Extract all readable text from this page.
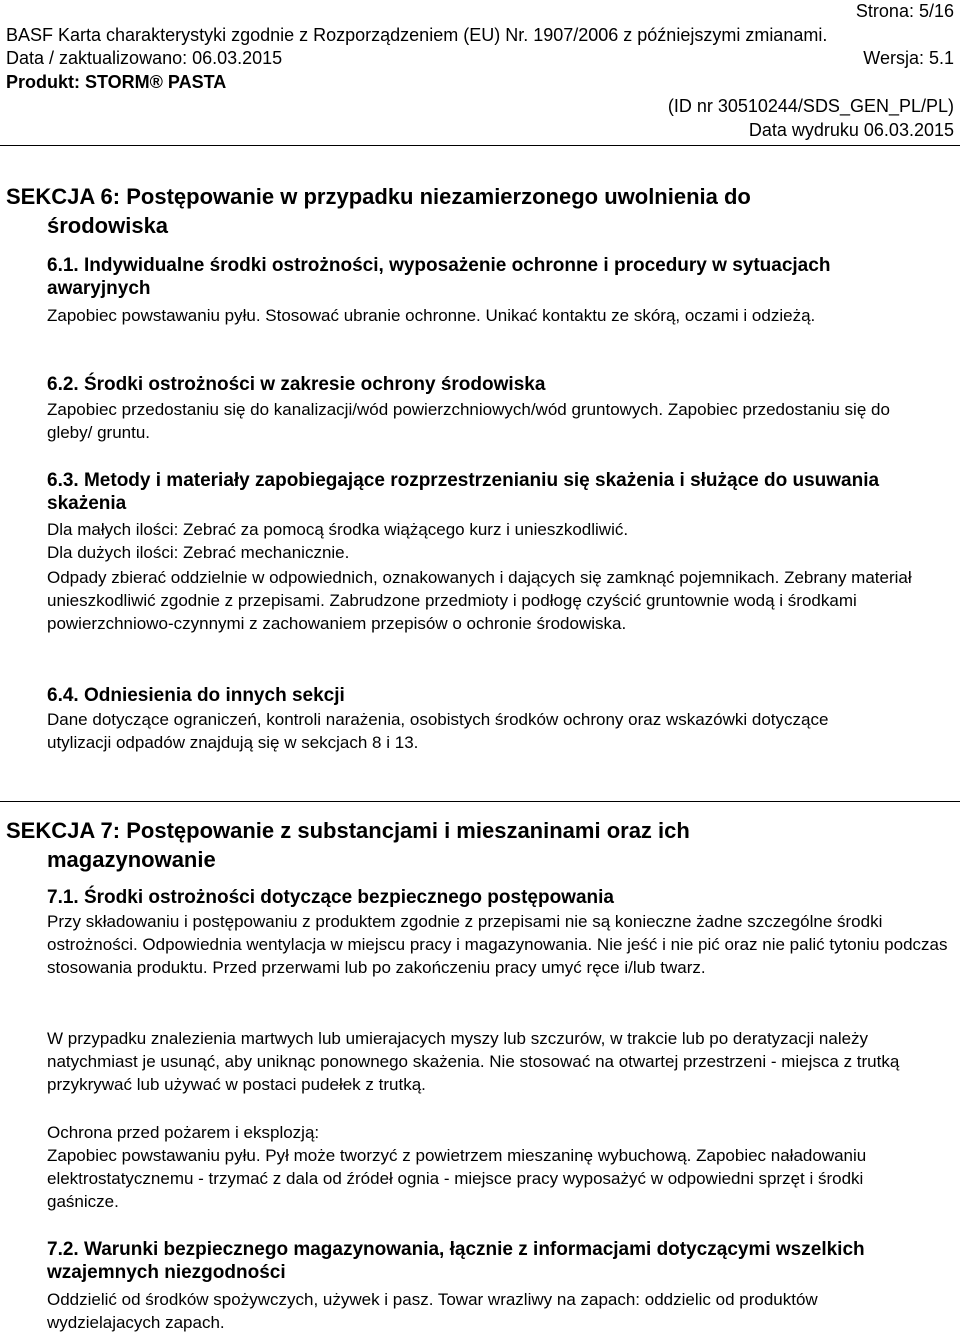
Strona: 5/16
BASF Karta charakterystyki zgodnie z Rozporządzeniem (EU) Nr. 1907/2006 z późniejszymi zmianami.
Data / zaktualizowano: 06.03.2015	Wersja: 5.1
Produkt: STORM® PASTA
(ID nr 30510244/SDS_GEN_PL/PL)
Data wydruku 06.03.2015
SEKCJA 6: Postępowanie w przypadku niezamierzonego uwolnienia do
środowiska
6.1. Indywidualne środki ostrożności, wyposażenie ochronne i procedury w sytuacjach awaryjnych
Zapobiec powstawaniu pyłu. Stosować ubranie ochronne. Unikać kontaktu ze skórą, oczami i odzieżą.
6.2. Środki ostrożności w zakresie ochrony środowiska
Zapobiec przedostaniu się do kanalizacji/wód powierzchniowych/wód gruntowych. Zapobiec przedostaniu się do gleby/ gruntu.
6.3. Metody i materiały zapobiegające rozprzestrzenianiu się skażenia i służące do usuwania skażenia
Dla małych ilości: Zebrać za pomocą środka wiążącego kurz i unieszkodliwić.
Dla dużych ilości: Zebrać mechanicznie.
Odpady zbierać oddzielnie w odpowiednich, oznakowanych i dających się zamknąć pojemnikach. Zebrany materiał unieszkodliwić zgodnie z przepisami. Zabrudzone przedmioty i podłogę czyścić gruntownie wodą i środkami powierzchniowo-czynnymi z zachowaniem przepisów o ochronie środowiska.
6.4. Odniesienia do innych sekcji
Dane dotyczące ograniczeń, kontroli narażenia, osobistych środków ochrony oraz wskazówki dotyczące utylizacji odpadów znajdują się w sekcjach 8 i 13.
SEKCJA 7: Postępowanie z substancjami i mieszaninami oraz ich
magazynowanie
7.1. Środki ostrożności dotyczące bezpiecznego postępowania
Przy składowaniu i postępowaniu z produktem zgodnie z przepisami nie są konieczne żadne szczególne środki ostrożności. Odpowiednia wentylacja w miejscu pracy i magazynowania. Nie jeść i nie pić oraz nie palić tytoniu podczas stosowania produktu. Przed przerwami lub po zakończeniu pracy umyć ręce i/lub twarz.
W przypadku znalezienia martwych lub umierajacych myszy lub szczurów, w trakcie lub po deratyzacji należy natychmiast je usunąć, aby uniknąc ponownego skażenia. Nie stosować na otwartej przestrzeni - miejsca z trutką przykrywać lub używać w postaci pudełek z trutką.
Ochrona przed pożarem i eksplozją:
Zapobiec powstawaniu pyłu. Pył może tworzyć z powietrzem mieszaninę wybuchową. Zapobiec naładowaniu elektrostatycznemu - trzymać z dala od źródeł ognia - miejsce pracy wyposażyć w odpowiedni sprzęt i środki gaśnicze.
7.2. Warunki bezpiecznego magazynowania, łącznie z informacjami dotyczącymi wszelkich wzajemnych niezgodności
Oddzielić od środków spożywczych, używek i pasz. Towar wrazliwy na zapach: oddzielic od produktów wydzielajacych zapach.
